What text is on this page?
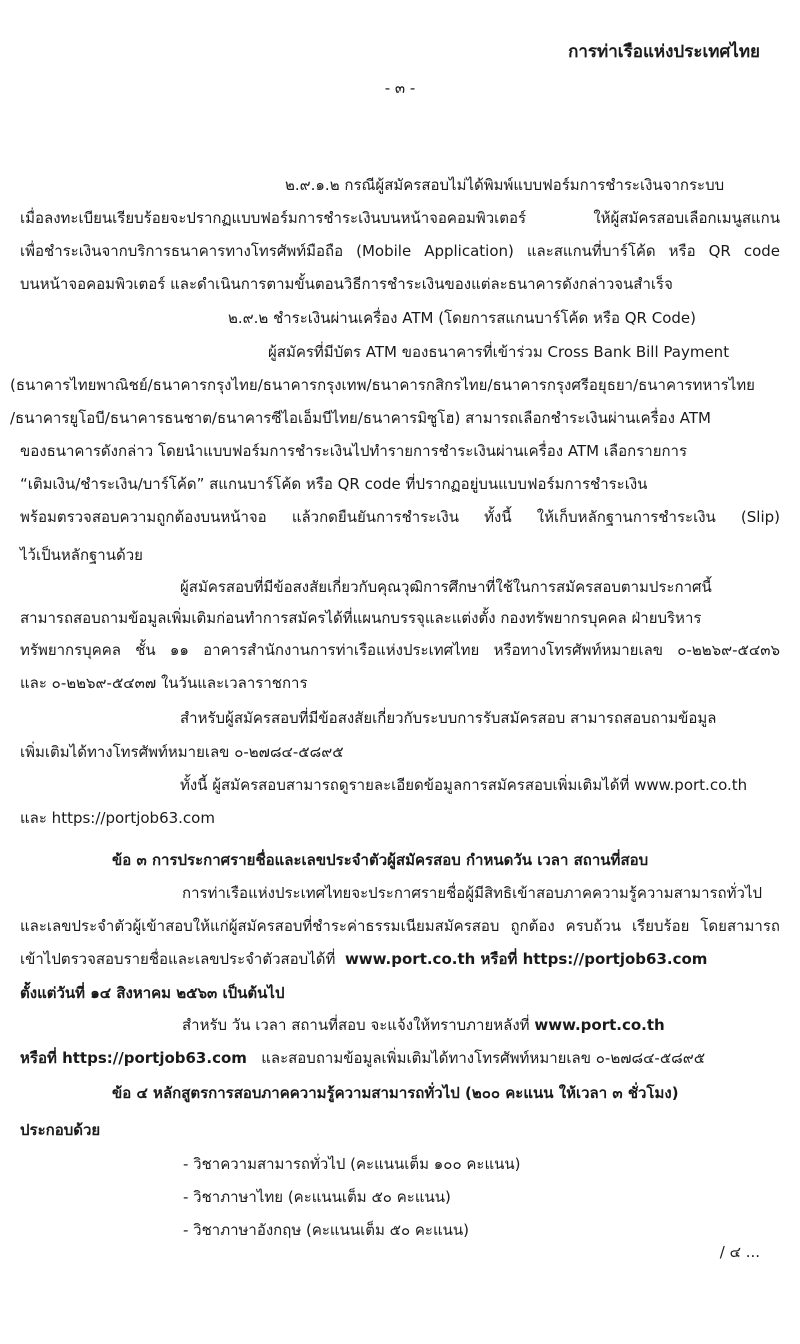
การท่าเรือแห่งประเทศไทย
- ๓ -
๒.๙.๑.๒ กรณีผู้สมัครสอบไม่ได้พิมพ์แบบฟอร์มการชำระเงินจากระบบ
เมื่อลงทะเบียนเรียบร้อยจะปรากฏแบบฟอร์มการชำระเงินบนหน้าจอคอมพิวเตอร์ ให้ผู้สมัครสอบเลือกเมนูสแกน
เพื่อชำระเงินจากบริการธนาคารทางโทรศัพท์มือถือ (Mobile Application) และสแกนที่บาร์โค้ด หรือ QR code
บนหน้าจอคอมพิวเตอร์ และดำเนินการตามขั้นตอนวิธีการชำระเงินของแต่ละธนาคารดังกล่าวจนสำเร็จ
๒.๙.๒ ชำระเงินผ่านเครื่อง ATM (โดยการสแกนบาร์โค้ด หรือ QR Code)
ผู้สมัครที่มีบัตร ATM ของธนาคารที่เข้าร่วม Cross Bank Bill Payment
(ธนาคารไทยพาณิชย์/ธนาคารกรุงไทย/ธนาคารกรุงเทพ/ธนาคารกสิกรไทย/ธนาคารกรุงศรีอยุธยา/ธนาคารทหารไทย
/ธนาคารยูโอบี/ธนาคารธนชาต/ธนาคารซีไอเอ็มบีไทย/ธนาคารมิซูโฮ) สามารถเลือกชำระเงินผ่านเครื่อง ATM
ของธนาคารดังกล่าว โดยนำแบบฟอร์มการชำระเงินไปทำรายการชำระเงินผ่านเครื่อง ATM เลือกรายการ
“เติมเงิน/ชำระเงิน/บาร์โค้ด” สแกนบาร์โค้ด หรือ QR code ที่ปรากฏอยู่บนแบบฟอร์มการชำระเงิน
พร้อมตรวจสอบความถูกต้องบนหน้าจอ แล้วกดยืนยันการชำระเงิน ทั้งนี้ ให้เก็บหลักฐานการชำระเงิน (Slip)
ไว้เป็นหลักฐานด้วย
ผู้สมัครสอบที่มีข้อสงสัยเกี่ยวกับคุณวุฒิการศึกษาที่ใช้ในการสมัครสอบตามประกาศนี้
สามารถสอบถามข้อมูลเพิ่มเติมก่อนทำการสมัครได้ที่แผนกบรรจุและแต่งตั้ง กองทรัพยากรบุคคล ฝ่ายบริหาร
ทรัพยากรบุคคล ชั้น ๑๑ อาคารสำนักงานการท่าเรือแห่งประเทศไทย หรือทางโทรศัพท์หมายเลข ๐-๒๒๖๙-๕๔๓๖
และ ๐-๒๒๖๙-๕๔๓๗ ในวันและเวลาราชการ
สำหรับผู้สมัครสอบที่มีข้อสงสัยเกี่ยวกับระบบการรับสมัครสอบ สามารถสอบถามข้อมูล
เพิ่มเติมได้ทางโทรศัพท์หมายเลข ๐-๒๗๘๔-๕๘๙๕
ทั้งนี้ ผู้สมัครสอบสามารถดูรายละเอียดข้อมูลการสมัครสอบเพิ่มเติมได้ที่ www.port.co.th
และ https://portjob63.com
ข้อ ๓ การประกาศรายชื่อและเลขประจำตัวผู้สมัครสอบ กำหนดวัน เวลา สถานที่สอบ
การท่าเรือแห่งประเทศไทยจะประกาศรายชื่อผู้มีสิทธิเข้าสอบภาคความรู้ความสามารถทั่วไป
และเลขประจำตัวผู้เข้าสอบให้แก่ผู้สมัครสอบที่ชำระค่าธรรมเนียมสมัครสอบ ถูกต้อง ครบถ้วน เรียบร้อย โดยสามารถ
เข้าไปตรวจสอบรายชื่อและเลขประจำตัวสอบได้ที่ www.port.co.th หรือที่ https://portjob63.com
ตั้งแต่วันที่ ๑๔ สิงหาคม ๒๕๖๓ เป็นต้นไป
สำหรับ วัน เวลา สถานที่สอบ จะแจ้งให้ทราบภายหลังที่ www.port.co.th
หรือที่ https://portjob63.com และสอบถามข้อมูลเพิ่มเติมได้ทางโทรศัพท์หมายเลข ๐-๒๗๘๔-๕๘๙๕
ข้อ ๔ หลักสูตรการสอบภาคความรู้ความสามารถทั่วไป (๒๐๐ คะแนน ให้เวลา ๓ ชั่วโมง)
ประกอบด้วย
- วิชาความสามารถทั่วไป (คะแนนเต็ม ๑๐๐ คะแนน)
- วิชาภาษาไทย (คะแนนเต็ม ๕๐ คะแนน)
- วิชาภาษาอังกฤษ (คะแนนเต็ม ๕๐ คะแนน)
/ ๔ ...
